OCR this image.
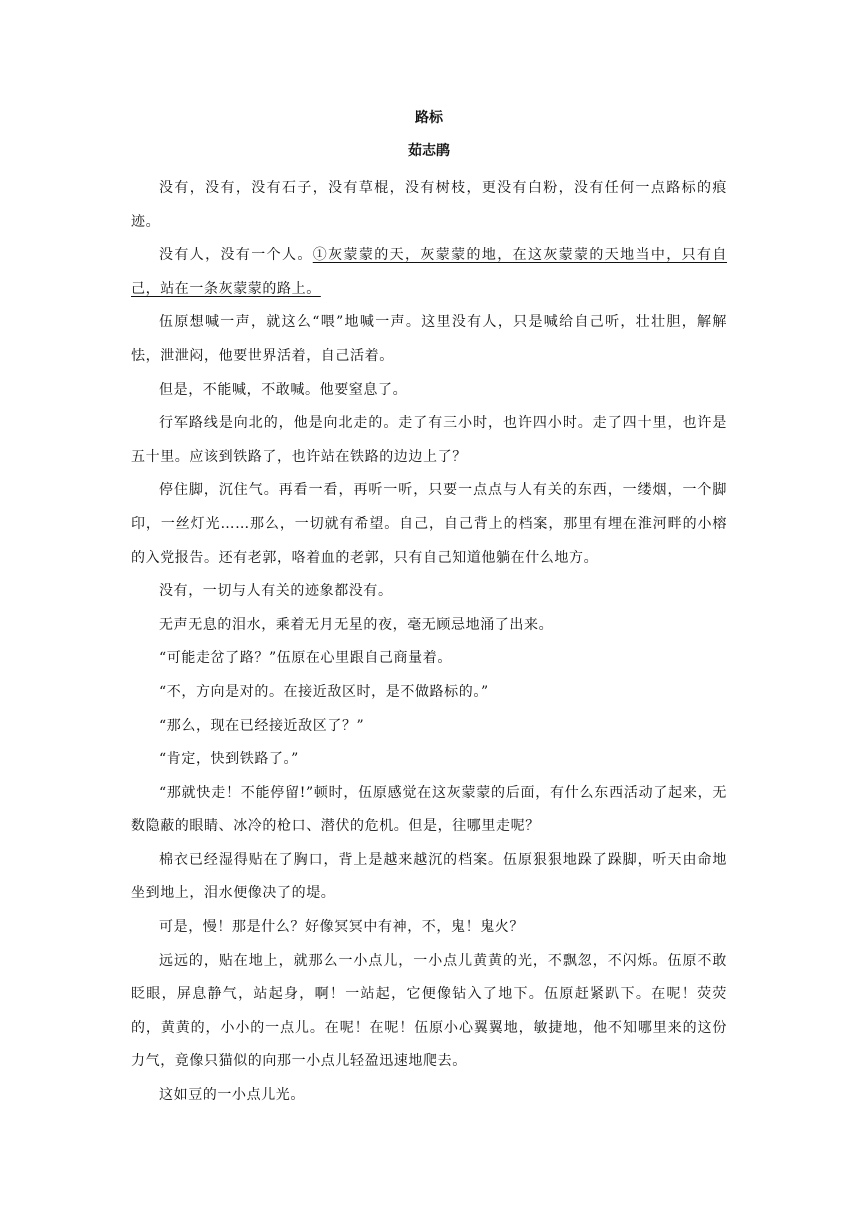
路标
茹志鹃

没有，没有，没有石子，没有草棍，没有树枝，更没有白粉，没有任何一点路标的痕迹。

没有人，没有一个人。①灰蒙蒙的天，灰蒙蒙的地，在这灰蒙蒙的天地当中，只有自己，站在一条灰蒙蒙的路上。

伍原想喊一声，就这么“喂”地喊一声。这里没有人，只是喊给自己听，壮壮胆，解解怯，泄泄闷，他要世界活着，自己活着。

但是，不能喊，不敢喊。他要窒息了。

行军路线是向北的，他是向北走的。走了有三小时，也许四小时。走了四十里，也许是五十里。应该到铁路了，也许站在铁路的边边上了？

停住脚，沉住气。再看一看，再听一听，只要一点点与人有关的东西，一缕烟，一个脚印，一丝灯光……那么，一切就有希望。自己，自己背上的档案，那里有埋在淮河畔的小榕的入党报告。还有老郭，咯着血的老郭，只有自己知道他躺在什么地方。

没有，一切与人有关的迹象都没有。

无声无息的泪水，乘着无月无星的夜，毫无顾忌地涌了出来。

“可能走岔了路？”伍原在心里跟自己商量着。

“不，方向是对的。在接近敌区时，是不做路标的。”

“那么，现在已经接近敌区了？”

“肯定，快到铁路了。”

“那就快走！不能停留!”顿时，伍原感觉在这灰蒙蒙的后面，有什么东西活动了起来，无数隐蔽的眼睛、冰冷的枪口、潜伏的危机。但是，往哪里走呢？

棉衣已经湿得贴在了胸口，背上是越来越沉的档案。伍原狠狠地跺了跺脚，听天由命地坐到地上，泪水便像决了的堤。

可是，慢！那是什么？好像冥冥中有神，不，鬼！鬼火？

远远的，贴在地上，就那么一小点儿，一小点儿黄黄的光，不飘忽，不闪烁。伍原不敢眨眼，屏息静气，站起身，啊！一站起，它便像钻入了地下。伍原赶紧趴下。在呢！荧荧的，黄黄的，小小的一点儿。在呢！在呢！伍原小心翼翼地，敏捷地，他不知哪里来的这份力气，竟像只猫似的向那一小点儿轻盈迅速地爬去。

这如豆的一小点儿光。
